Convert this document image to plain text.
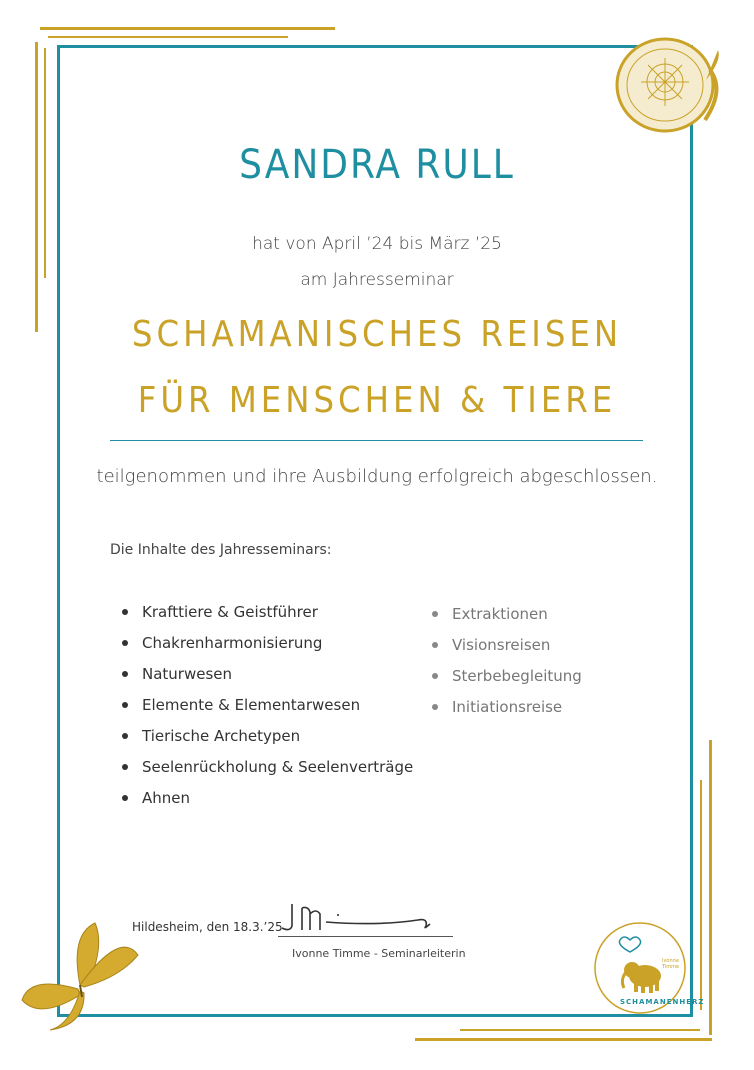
SANDRA RULL
hat von April ’24 bis März ’25
am Jahresseminar
SCHAMANISCHES REISEN
FÜR MENSCHEN & TIERE
teilgenommen und ihre Ausbildung erfolgreich abgeschlossen.
Die Inhalte des Jahresseminars:
Krafttiere & Geistführer
Chakrenharmonisierung
Naturwesen
Elemente & Elementarwesen
Tierische Archetypen
Seelenrückholung & Seelenverträge
Ahnen
Extraktionen
Visionsreisen
Sterbebegleitung
Initiationsreise
Hildesheim, den 18.3.’25
Ivonne Timme - Seminarleiterin
SCHAMANENHERZ
Ivonne Timme
